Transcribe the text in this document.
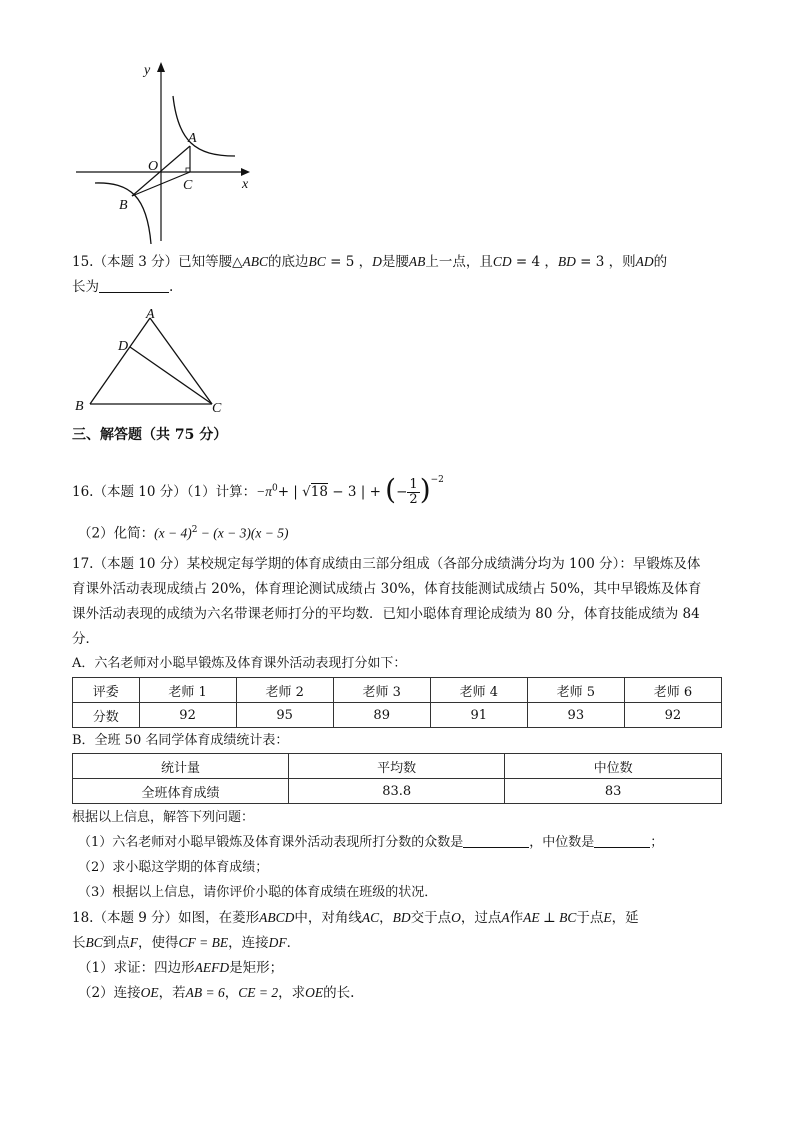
y
x
A
O
C
B
15.（本题 3 分）已知等腰△ABC的底边BC = 5 ，D是腰AB上一点，且CD = 4 ，BD = 3 ，则AD的
长为	.
A
D
B	C
三、解答题（共 75 分）
16.（本题 10 分）（1）计算：$-\pi^0+$ | √18 − 3 | + (− $\frac{1}{2} )^{-2}$
（2）化简：$(x - 4)^2 - (x - 3)(x - 5)$
17.（本题 10 分）某校规定每学期的体育成绩由三部分组成（各部分成绩满分均为 100 分）：早锻炼及体
育课外活动表现成绩占 20%，体育理论测试成绩占 30%，体育技能测试成绩占 50%，其中早锻炼及体育
课外活动表现的成绩为六名带课老师打分的平均数．已知小聪体育理论成绩为 80 分，体育技能成绩为 84
分．
A．六名老师对小聪早锻炼及体育课外活动表现打分如下：
评委	老师 1	老师 2	老师 3	老师 4	老师 5	老师 6
分数	92	95	89	91	93	92
B．全班 50 名同学体育成绩统计表：
统计量	平均数	中位数
全班体育成绩	83.8	83
根据以上信息，解答下列问题：
（1）六名老师对小聪早锻炼及体育课外活动表现所打分数的众数是	，中位数是	；
（2）求小聪这学期的体育成绩；
（3）根据以上信息，请你评价小聪的体育成绩在班级的状况．
18.（本题 9 分）如图，在菱形ABCD中，对角线AC，BD交于点O，过点A作AE ⊥ BC于点E，延
长BC到点F，使得CF = BE，连接DF．
（1）求证：四边形AEFD是矩形；
（2）连接OE，若AB = 6，CE = 2，求OE的长.
